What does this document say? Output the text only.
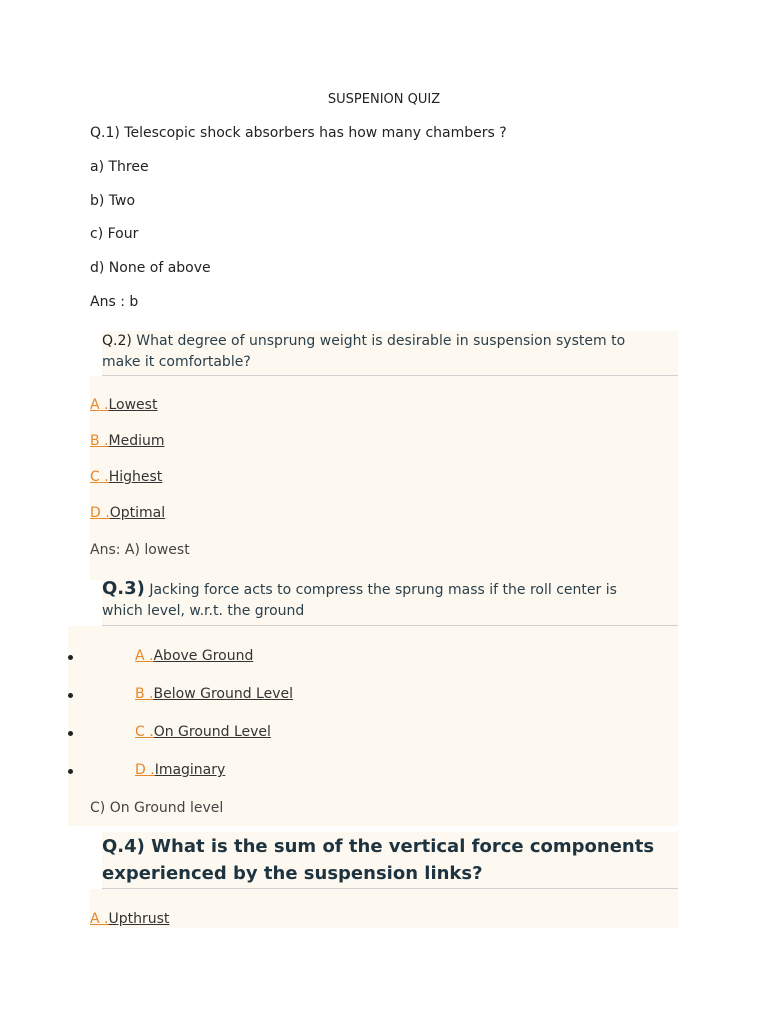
SUSPENION QUIZ
Q.1) Telescopic shock absorbers has how many chambers ?
a) Three
b) Two
c) Four
d) None of above
Ans : b
Q.2) What degree of unsprung weight is desirable in suspension system to
make it comfortable?
A .Lowest
B .Medium
C .Highest
D .Optimal
Ans: A) lowest
Q.3) Jacking force acts to compress the sprung mass if the roll center is
which level, w.r.t. the ground
A .Above Ground
B .Below Ground Level
C .On Ground Level
D .Imaginary
C) On Ground level
Q.4) What is the sum of the vertical force components
experienced by the suspension links?
A .Upthrust
